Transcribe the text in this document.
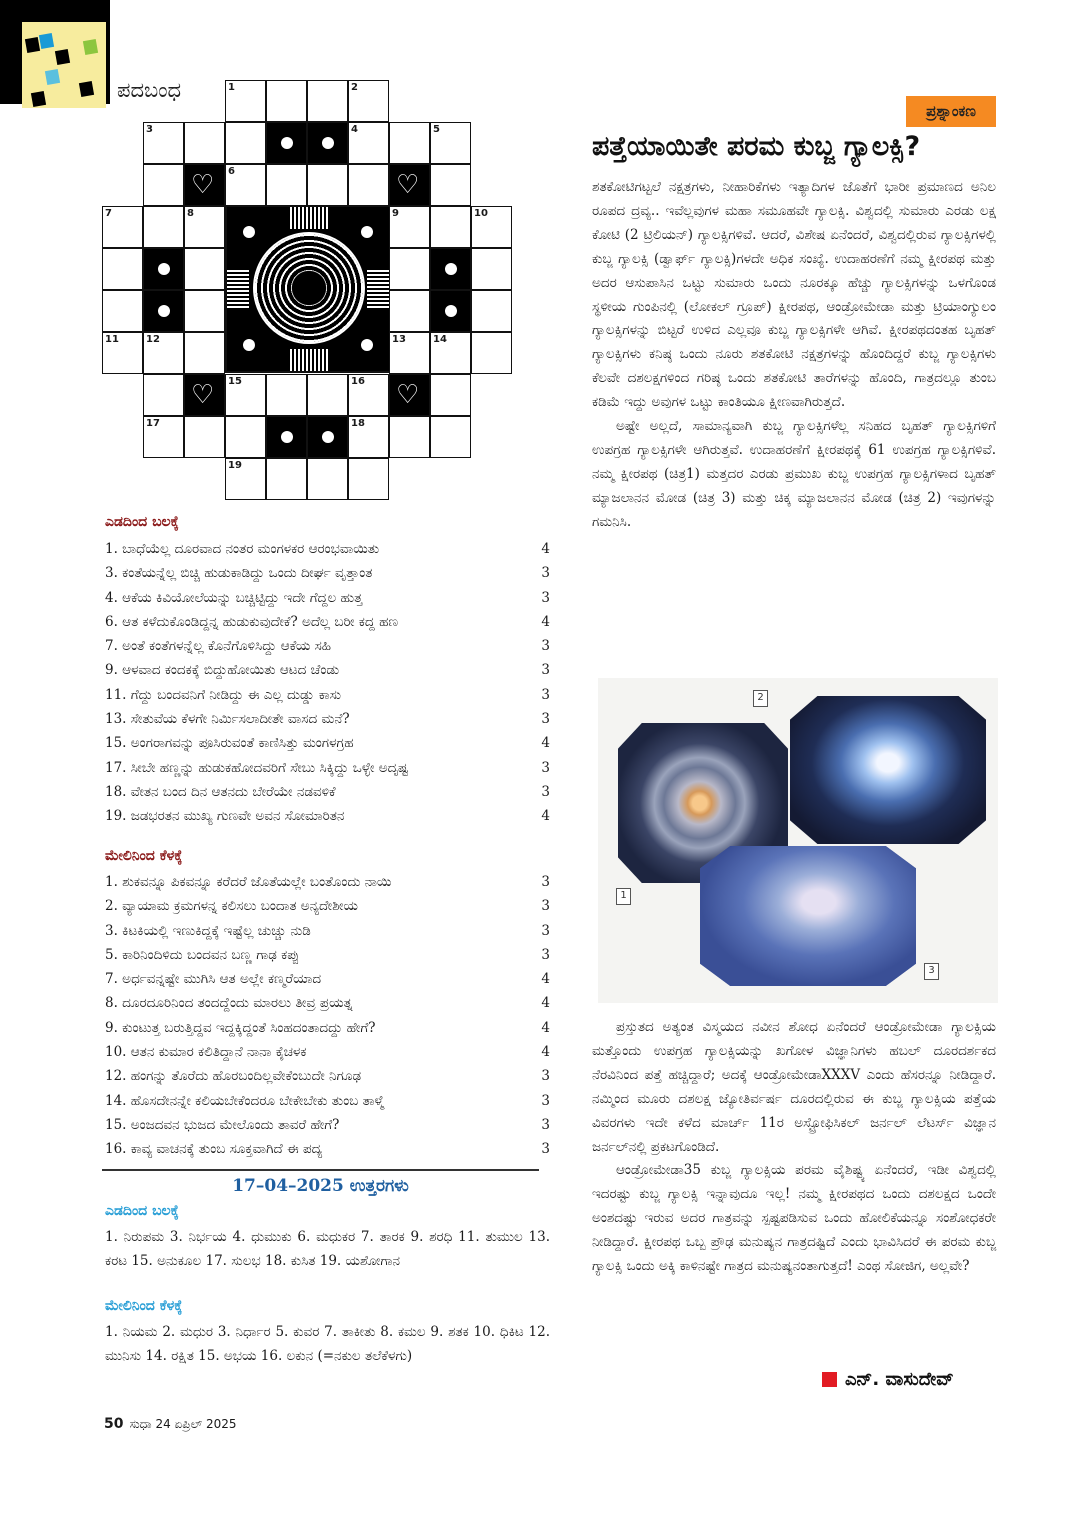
ಪದಬಂಧ	1	2
3	4	5
♡ 6	♡
7	8	9	10
11	12	13	14
♡ 15	16 ♡
17	18
19
ಎಡದಿಂದ ಬಲಕ್ಕೆ
1. ಬಾಧೆಯೆಲ್ಲ ದೂರವಾದ ನಂತರ ಮಂಗಳಕರ ಆರಂಭವಾಯಿತು	4
3. ಕಂತೆಯನ್ನೆಲ್ಲ ಬಿಚ್ಚಿ ಹುಡುಕಾಡಿದ್ದು ಒಂದು ದೀರ್ಘ ವೃತ್ತಾಂತ	3
4. ಆಕೆಯ ಕಿವಿಯೋಲೆಯನ್ನು ಬಚ್ಚಿಟ್ಟಿದ್ದು ಇದೇ ಗೆದ್ದಲ ಹುತ್ತ	3
6. ಆತ ಕಳೆದುಕೊಂಡಿದ್ದನ್ನ ಹುಡುಕುವುದೇಕೆ? ಅದೆಲ್ಲ ಬರೀ ಕದ್ದ ಹಣ	4
7. ಅಂತೆ ಕಂತೆಗಳನ್ನೆಲ್ಲ ಕೊನೆಗೊಳಿಸಿದ್ದು ಆಕೆಯ ಸಹಿ	3
9. ಆಳವಾದ ಕಂದಕಕ್ಕೆ ಬಿದ್ದುಹೋಯಿತು ಆಟದ ಚೆಂಡು	3
11. ಗೆದ್ದು ಬಂದವನಿಗೆ ನೀಡಿದ್ದು ಈ ಎಲ್ಲ ದುಡ್ಡು ಕಾಸು	3
13. ಸೇತುವೆಯ ಕೆಳಗೇ ನಿರ್ಮಿಸಲಾದೀತೇ ವಾಸದ ಮನೆ?	3
15. ಅಂಗರಾಗವನ್ನು ಪೂಸಿರುವಂತೆ ಕಾಣಿಸಿತ್ತು ಮಂಗಳಗ್ರಹ	4
17. ಸೀಬೇ ಹಣ್ಣನ್ನು ಹುಡುಕಹೋದವರಿಗೆ ಸೇಬು ಸಿಕ್ಕಿದ್ದು ಒಳ್ಳೇ ಅದೃಷ್ಟ	3
18. ವೇತನ ಬಂದ ದಿನ ಆತನದು ಬೇರೆಯೇ ನಡವಳಿಕೆ	3
19. ಜಡಭರತನ ಮುಖ್ಯ ಗುಣವೇ ಅವನ ಸೋಮಾರಿತನ	4
ಮೇಲಿನಿಂದ ಕೆಳಕ್ಕೆ
1. ಶುಕವನ್ನೂ ಪಿಕವನ್ನೂ ಕರೆದರೆ ಜೊತೆಯಲ್ಲೇ ಬಂತೊಂದು ನಾಯಿ	3
2. ವ್ಯಾಯಾಮ ಕ್ರಮಗಳನ್ನ ಕಲಿಸಲು ಬಂದಾತ ಅನ್ಯದೇಶೀಯ	3
3. ಕಿಟಕಿಯಲ್ಲಿ ಇಣುಕಿದ್ದಕ್ಕೆ ಇಷ್ಟೆಲ್ಲ ಚುಚ್ಚು ನುಡಿ	3
5. ಕಾರಿನಿಂದಿಳಿದು ಬಂದವನ ಬಣ್ಣ ಗಾಢ ಕಪ್ಪು	3
7. ಅರ್ಧವನ್ನಷ್ಟೇ ಮುಗಿಸಿ ಆತ ಅಲ್ಲೇ ಕಣ್ಮರೆಯಾದ	4
8. ದೂರದೂರಿನಿಂದ ತಂದದ್ದೆಂದು ಮಾರಲು ತೀವ್ರ ಪ್ರಯತ್ನ	4
9. ಕುಂಟುತ್ತ ಬರುತ್ತಿದ್ದವ ಇದ್ದಕ್ಕಿದ್ದಂತೆ ಸಿಂಹದಂತಾದದ್ದು ಹೇಗೆ?	4
10. ಆತನ ಕುಮಾರ ಕಲಿತಿದ್ದಾನೆ ನಾನಾ ಕೈಚಳಕ	4
12. ಹಂಗನ್ನು ತೊರೆದು ಹೊರಬಂದಿಲ್ಲವೇಕೆಂಬುದೇ ನಿಗೂಢ	3
14. ಹೊಸದೇನನ್ನೇ ಕಲಿಯಬೇಕೆಂದರೂ ಬೇಕೇಬೇಕು ತುಂಬ ತಾಳ್ಮೆ	3
15. ಅಂಜದವನ ಭುಜದ ಮೇಲೊಂದು ತಾವರೆ ಹೇಗೆ?	3
16. ಕಾವ್ಯ ವಾಚನಕ್ಕೆ ತುಂಬ ಸೂಕ್ತವಾಗಿದೆ ಈ ಪದ್ಯ	3
17–04–2025 ಉತ್ತರಗಳು
ಎಡದಿಂದ ಬಲಕ್ಕೆ
1. ನಿರುಪಮ 3. ನಿರ್ಭಯ 4. ಧುಮುಕು 6. ಮಧುಕರ 7. ತಾರಕ 9. ಶರಧಿ 11. ತುಮುಲ 13. ಕರಟ 15. ಅನುಕೂಲ 17. ಸುಲಭ 18. ಕುಸಿತ 19. ಯಶೋಗಾನ
ಮೇಲಿನಿಂದ ಕೆಳಕ್ಕೆ
1. ನಿಯಮ 2. ಮಧುರ 3. ನಿರ್ಧಾರ 5. ಕುವರ 7. ತಾಕೀತು 8. ಕಮಲ 9. ಶತಕ 10. ಧಿಕಿಟ 12. ಮುನಿಸು 14. ರಕ್ಷಿತ 15. ಅಭಯ 16. ಲಕುನ (=ನಕುಲ ತಲೆಕೆಳಗು)
50 ಸುಧಾ 24 ಏಪ್ರಿಲ್ 2025
ಪ್ರಶ್ನಾಂಕಣ
ಪತ್ತೆಯಾಯಿತೇ ಪರಮ ಕುಬ್ಜ ಗ್ಯಾಲಕ್ಸಿ?

ಶತಕೋಟಿಗಟ್ಟಲೆ ನಕ್ಷತ್ರಗಳು, ನೀಹಾರಿಕೆಗಳು ಇತ್ಯಾದಿಗಳ ಜೊತೆಗೆ ಭಾರೀ ಪ್ರಮಾಣದ ಅನಿಲ ರೂಪದ ದ್ರವ್ಯ.. ಇವೆಲ್ಲವುಗಳ ಮಹಾ ಸಮೂಹವೇ ಗ್ಯಾಲಕ್ಸಿ. ವಿಶ್ವದಲ್ಲಿ ಸುಮಾರು ಎರಡು ಲಕ್ಷ ಕೋಟಿ (2 ಟ್ರಿಲಿಯನ್) ಗ್ಯಾಲಕ್ಸಿಗಳಿವೆ. ಆದರೆ, ವಿಶೇಷ ಏನೆಂದರೆ, ವಿಶ್ವದಲ್ಲಿರುವ ಗ್ಯಾಲಕ್ಸಿಗಳಲ್ಲಿ ಕುಬ್ಜ ಗ್ಯಾಲಕ್ಸಿ (ಡ್ವಾರ್ಫ್ ಗ್ಯಾಲಕ್ಸಿ)ಗಳದೇ ಅಧಿಕ ಸಂಖ್ಯೆ. ಉದಾಹರಣೆಗೆ ನಮ್ಮ ಕ್ಷೀರಪಥ ಮತ್ತು ಅದರ ಆಸುಪಾಸಿನ ಒಟ್ಟು ಸುಮಾರು ಒಂದು ನೂರಕ್ಕೂ ಹೆಚ್ಚು ಗ್ಯಾಲಕ್ಸಿಗಳನ್ನು ಒಳಗೊಂಡ ಸ್ಥಳೀಯ ಗುಂಪಿನಲ್ಲಿ (ಲೋಕಲ್ ಗ್ರೂಪ್) ಕ್ಷೀರಪಥ, ಆಂಡ್ರೋಮೇಡಾ ಮತ್ತು ಟ್ರಿಯಾಂಗ್ಯುಲಂ ಗ್ಯಾಲಕ್ಸಿಗಳನ್ನು ಬಿಟ್ಟರೆ ಉಳಿದ ಎಲ್ಲವೂ ಕುಬ್ಜ ಗ್ಯಾಲಕ್ಸಿಗಳೇ ಆಗಿವೆ. ಕ್ಷೀರಪಥದಂತಹ ಬೃಹತ್ ಗ್ಯಾಲಕ್ಸಿಗಳು ಕನಿಷ್ಠ ಒಂದು ನೂರು ಶತಕೋಟಿ ನಕ್ಷತ್ರಗಳನ್ನು ಹೊಂದಿದ್ದರೆ ಕುಬ್ಜ ಗ್ಯಾಲಕ್ಸಿಗಳು ಕೆಲವೇ ದಶಲಕ್ಷಗಳಿಂದ ಗರಿಷ್ಠ ಒಂದು ಶತಕೋಟಿ ತಾರೆಗಳನ್ನು ಹೊಂದಿ, ಗಾತ್ರದಲ್ಲೂ ತುಂಬ ಕಡಿಮೆ ಇದ್ದು ಅವುಗಳ ಒಟ್ಟು ಕಾಂತಿಯೂ ಕ್ಷೀಣವಾಗಿರುತ್ತದೆ.

ಅಷ್ಟೇ ಅಲ್ಲದೆ, ಸಾಮಾನ್ಯವಾಗಿ ಕುಬ್ಜ ಗ್ಯಾಲಕ್ಸಿಗಳೆಲ್ಲ ಸನಿಹದ ಬೃಹತ್ ಗ್ಯಾಲಕ್ಸಿಗಳಿಗೆ ಉಪಗ್ರಹ ಗ್ಯಾಲಕ್ಸಿಗಳೇ ಆಗಿರುತ್ತವೆ. ಉದಾಹರಣೆಗೆ ಕ್ಷೀರಪಥಕ್ಕೆ 61 ಉಪಗ್ರಹ ಗ್ಯಾಲಕ್ಸಿಗಳಿವೆ. ನಮ್ಮ ಕ್ಷೀರಪಥ (ಚಿತ್ರ1) ಮತ್ತದರ ಎರಡು ಪ್ರಮುಖ ಕುಬ್ಜ ಉಪಗ್ರಹ ಗ್ಯಾಲಕ್ಸಿಗಳಾದ ಬೃಹತ್ ಮ್ಯಾಜಲಾನನ ಮೋಡ (ಚಿತ್ರ 3) ಮತ್ತು ಚಿಕ್ಕ ಮ್ಯಾಜಲಾನನ ಮೋಡ (ಚಿತ್ರ 2) ಇವುಗಳನ್ನು ಗಮನಿಸಿ.

1
2
3

ಪ್ರಸ್ತುತದ ಅತ್ಯಂತ ವಿಸ್ಮಯದ ನವೀನ ಶೋಧ ಏನೆಂದರೆ ಆಂಡ್ರೋಮೇಡಾ ಗ್ಯಾಲಕ್ಸಿಯ ಮತ್ತೊಂದು ಉಪಗ್ರಹ ಗ್ಯಾಲಕ್ಸಿಯನ್ನು ಖಗೋಳ ವಿಜ್ಞಾನಿಗಳು ಹಬಲ್ ದೂರದರ್ಶಕದ ನೆರವಿನಿಂದ ಪತ್ತೆ ಹಚ್ಚಿದ್ದಾರೆ; ಅದಕ್ಕೆ ಆಂಡ್ರೋಮೇಡಾXXXV ಎಂದು ಹೆಸರನ್ನೂ ನೀಡಿದ್ದಾರೆ. ನಮ್ಮಿಂದ ಮೂರು ದಶಲಕ್ಷ ಜ್ಯೋತಿರ್ವರ್ಷ ದೂರದಲ್ಲಿರುವ ಈ ಕುಬ್ಜ ಗ್ಯಾಲಕ್ಸಿಯ ಪತ್ತೆಯ ವಿವರಗಳು ಇದೇ ಕಳೆದ ಮಾರ್ಚ್ 11ರ ಅಸ್ಟ್ರೋಫಿಸಿಕಲ್ ಜರ್ನಲ್ ಲೆಟರ್ಸ್ ವಿಜ್ಞಾನ ಜರ್ನಲ್‌ನಲ್ಲಿ ಪ್ರಕಟಗೊಂಡಿದೆ.

ಆಂಡ್ರೋಮೇಡಾ35 ಕುಬ್ಜ ಗ್ಯಾಲಕ್ಸಿಯ ಪರಮ ವೈಶಿಷ್ಟ್ಯ ಏನೆಂದರೆ, ಇಡೀ ವಿಶ್ವದಲ್ಲಿ ಇದರಷ್ಟು ಕುಬ್ಜ ಗ್ಯಾಲಕ್ಸಿ ಇನ್ನಾವುದೂ ಇಲ್ಲ! ನಮ್ಮ ಕ್ಷೀರಪಥದ ಒಂದು ದಶಲಕ್ಷದ ಒಂದೇ ಅಂಶದಷ್ಟು ಇರುವ ಅದರ ಗಾತ್ರವನ್ನು ಸ್ಪಷ್ಟಪಡಿಸುವ ಒಂದು ಹೋಲಿಕೆಯನ್ನೂ ಸಂಶೋಧಕರೇ ನೀಡಿದ್ದಾರೆ. ಕ್ಷೀರಪಥ ಒಬ್ಬ ಪ್ರೌಢ ಮನುಷ್ಯನ ಗಾತ್ರದಷ್ಟಿದೆ ಎಂದು ಭಾವಿಸಿದರೆ ಈ ಪರಮ ಕುಬ್ಜ ಗ್ಯಾಲಕ್ಸಿ ಒಂದು ಅಕ್ಕಿ ಕಾಳಿನಷ್ಟೇ ಗಾತ್ರದ ಮನುಷ್ಯನಂತಾಗುತ್ತದೆ! ಎಂಥ ಸೋಜಿಗ, ಅಲ್ಲವೇ?

ಎನ್. ವಾಸುದೇವ್
